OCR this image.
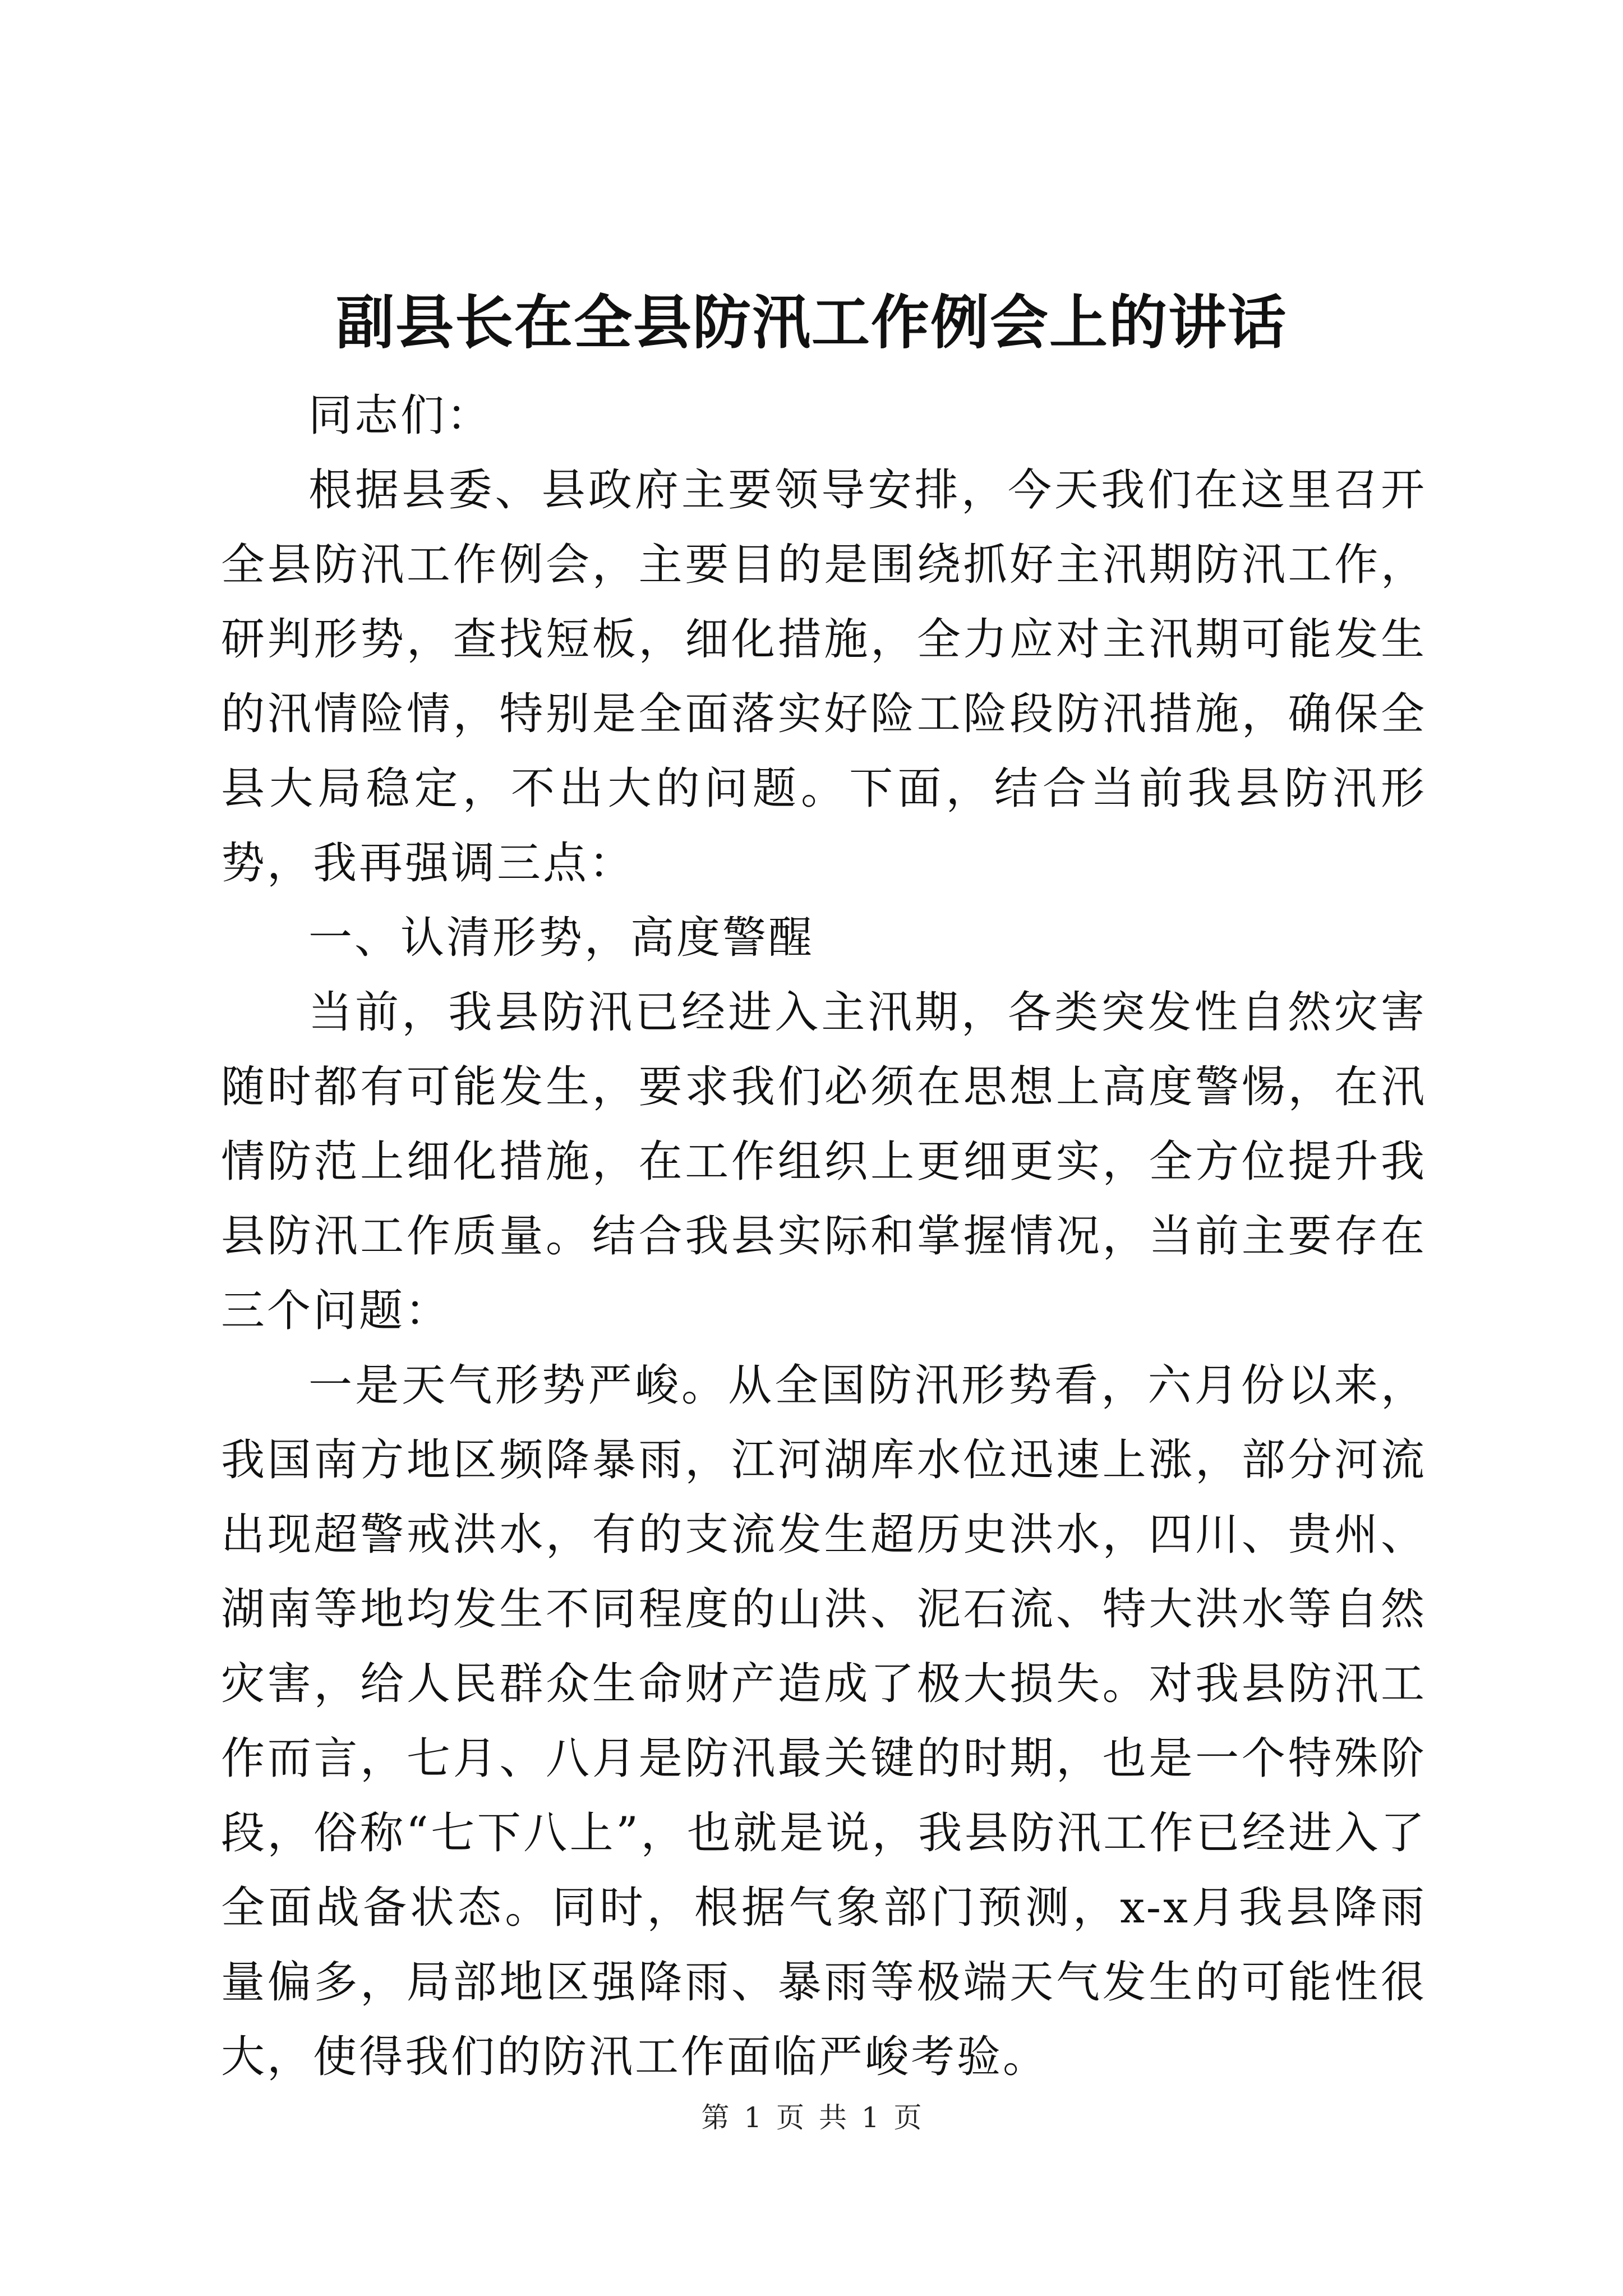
副县长在全县防汛工作例会上的讲话

同志们：

根据县委、县政府主要领导安排，今天我们在这里召开全县防汛工作例会，主要目的是围绕抓好主汛期防汛工作，研判形势，查找短板，细化措施，全力应对主汛期可能发生的汛情险情，特别是全面落实好险工险段防汛措施，确保全县大局稳定，不出大的问题。下面，结合当前我县防汛形势，我再强调三点：

一、认清形势，高度警醒

当前，我县防汛已经进入主汛期，各类突发性自然灾害随时都有可能发生，要求我们必须在思想上高度警惕，在汛情防范上细化措施，在工作组织上更细更实，全方位提升我县防汛工作质量。结合我县实际和掌握情况，当前主要存在三个问题：

一是天气形势严峻。从全国防汛形势看，六月份以来，我国南方地区频降暴雨，江河湖库水位迅速上涨，部分河流出现超警戒洪水，有的支流发生超历史洪水，四川、贵州、湖南等地均发生不同程度的山洪、泥石流、特大洪水等自然灾害，给人民群众生命财产造成了极大损失。对我县防汛工作而言，七月、八月是防汛最关键的时期，也是一个特殊阶段，俗称“七下八上”，也就是说，我县防汛工作已经进入了全面战备状态。同时，根据气象部门预测，x-x月我县降雨量偏多，局部地区强降雨、暴雨等极端天气发生的可能性很大，使得我们的防汛工作面临严峻考验。

第 1 页 共 1 页
